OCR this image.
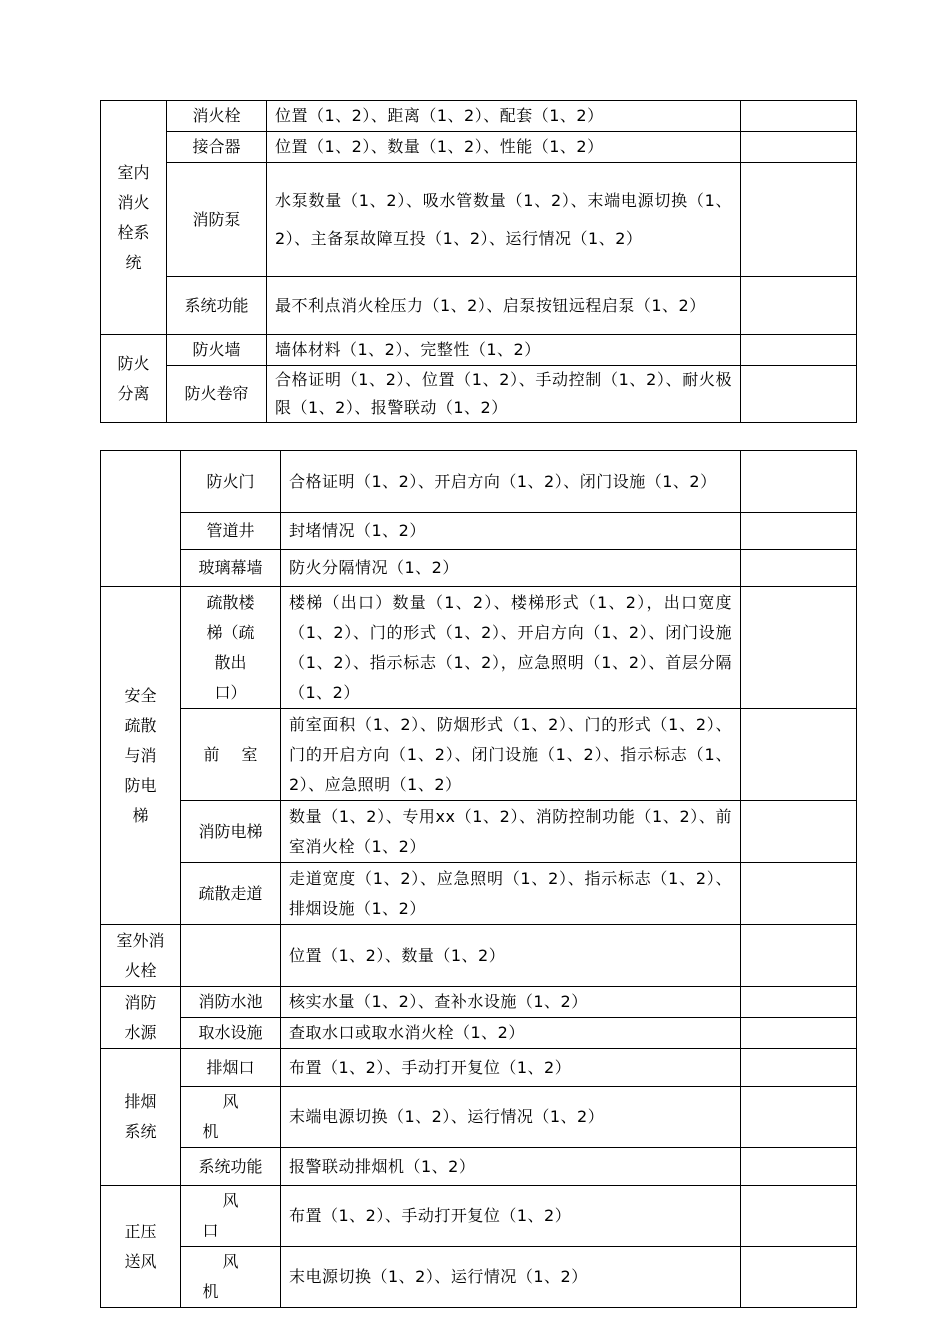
室内消火栓系统	消火栓	位置（1、2）、距离（1、2）、配套（1、2）	
	接合器	位置（1、2）、数量（1、2）、性能（1、2）	
	消防泵	水泵数量（1、2）、吸水管数量（1、2）、末端电源切换（1、2）、主备泵故障互投（1、2）、运行情况（1、2）	
	系统功能	最不利点消火栓压力（1、2）、启泵按钮远程启泵（1、2）	

防火分离	防火墙	墙体材料（1、2）、完整性（1、2）	
	防火卷帘	合格证明（1、2）、位置（1、2）、手动控制（1、2）、耐火极限（1、2）、报警联动（1、2）	
	防火门	合格证明（1、2）、开启方向（1、2）、闭门设施（1、2）	
	管道井	封堵情况（1、2）	
	玻璃幕墙	防火分隔情况（1、2）	

安全疏散与消防电梯	疏散楼梯（疏散出口）	楼梯（出口）数量（1、2）、楼梯形式（1、2），出口宽度（1、2）、门的形式（1、2）、开启方向（1、2）、闭门设施（1、2）、指示标志（1、2），应急照明（1、2）、首层分隔（1、2）	
	前室	前室面积（1、2）、防烟形式（1、2）、门的形式（1、2）、门的开启方向（1、2）、闭门设施（1、2）、指示标志（1、2）、应急照明（1、2）	
	消防电梯	数量（1、2）、专用xx（1、2）、消防控制功能（1、2）、前室消火栓（1、2）	
	疏散走道	走道宽度（1、2）、应急照明（1、2）、指示标志（1、2）、排烟设施（1、2）	

室外消火栓		位置（1、2）、数量（1、2）	

消防水源	消防水池	核实水量（1、2）、查补水设施（1、2）	
	取水设施	查取水口或取水消火栓（1、2）	

排烟系统	排烟口	布置（1、2）、手动打开复位（1、2）	
	风机	末端电源切换（1、2）、运行情况（1、2）	
	系统功能	报警联动排烟机（1、2）	

正压送风	风口	布置（1、2）、手动打开复位（1、2）	
	风机	末电源切换（1、2）、运行情况（1、2）	
